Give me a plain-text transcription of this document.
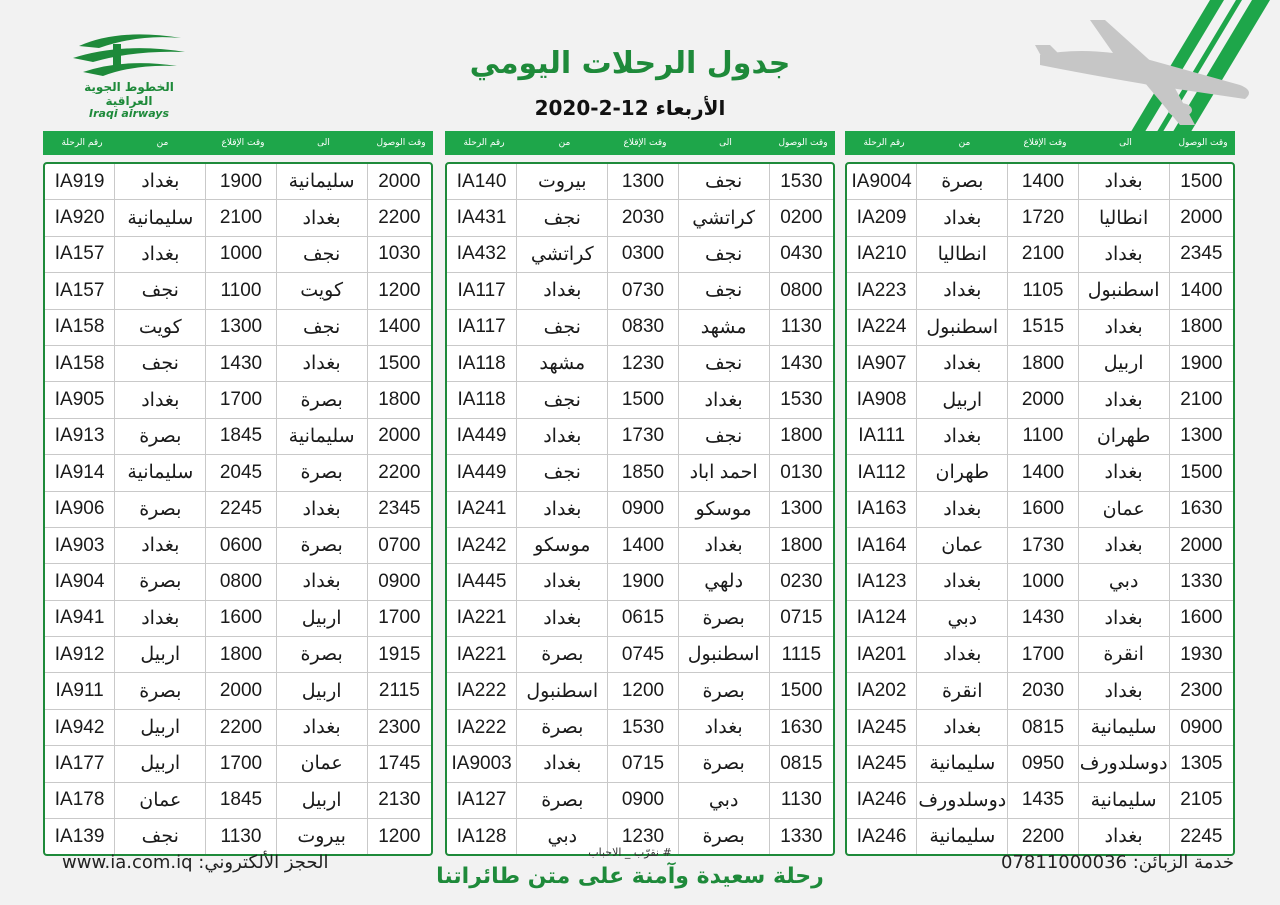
الخطوط الجوية العراقية
Iraqi airways
جدول الرحلات اليومي
الأربعاء 12-2-2020
وقت الوصول
الى
وقت الإقلاع
من
رقم الرحلة
1500
بغداد
1400
بصرة
IA9004
2000
انطاليا
1720
بغداد
IA209
2345
بغداد
2100
انطاليا
IA210
1400
اسطنبول
1105
بغداد
IA223
1800
بغداد
1515
اسطنبول
IA224
1900
اربيل
1800
بغداد
IA907
2100
بغداد
2000
اربيل
IA908
1300
طهران
1100
بغداد
IA111
1500
بغداد
1400
طهران
IA112
1630
عمان
1600
بغداد
IA163
2000
بغداد
1730
عمان
IA164
1330
دبي
1000
بغداد
IA123
1600
بغداد
1430
دبي
IA124
1930
انقرة
1700
بغداد
IA201
2300
بغداد
2030
انقرة
IA202
0900
سليمانية
0815
بغداد
IA245
1305
دوسلدورف
0950
سليمانية
IA245
2105
سليمانية
1435
دوسلدورف
IA246
2245
بغداد
2200
سليمانية
IA246
وقت الوصول
الى
وقت الإقلاع
من
رقم الرحلة
1530
نجف
1300
بيروت
IA140
0200
كراتشي
2030
نجف
IA431
0430
نجف
0300
كراتشي
IA432
0800
نجف
0730
بغداد
IA117
1130
مشهد
0830
نجف
IA117
1430
نجف
1230
مشهد
IA118
1530
بغداد
1500
نجف
IA118
1800
نجف
1730
بغداد
IA449
0130
احمد اباد
1850
نجف
IA449
1300
موسكو
0900
بغداد
IA241
1800
بغداد
1400
موسكو
IA242
0230
دلهي
1900
بغداد
IA445
0715
بصرة
0615
بغداد
IA221
1115
اسطنبول
0745
بصرة
IA221
1500
بصرة
1200
اسطنبول
IA222
1630
بغداد
1530
بصرة
IA222
0815
بصرة
0715
بغداد
IA9003
1130
دبي
0900
بصرة
IA127
1330
بصرة
1230
دبي
IA128
وقت الوصول
الى
وقت الإقلاع
من
رقم الرحلة
2000
سليمانية
1900
بغداد
IA919
2200
بغداد
2100
سليمانية
IA920
1030
نجف
1000
بغداد
IA157
1200
كويت
1100
نجف
IA157
1400
نجف
1300
كويت
IA158
1500
بغداد
1430
نجف
IA158
1800
بصرة
1700
بغداد
IA905
2000
سليمانية
1845
بصرة
IA913
2200
بصرة
2045
سليمانية
IA914
2345
بغداد
2245
بصرة
IA906
0700
بصرة
0600
بغداد
IA903
0900
بغداد
0800
بصرة
IA904
1700
اربيل
1600
بغداد
IA941
1915
بصرة
1800
اربيل
IA912
2115
اربيل
2000
بصرة
IA911
2300
بغداد
2200
اربيل
IA942
1745
عمان
1700
اربيل
IA177
2130
اربيل
1845
عمان
IA178
1200
بيروت
1130
نجف
IA139
خدمة الزبائن: 07811000036
# نقرّب _ الاحباب
رحلة سعيدة وآمنة على متن طائراتنا
www.ia.com.iq :الحجز الألكتروني
